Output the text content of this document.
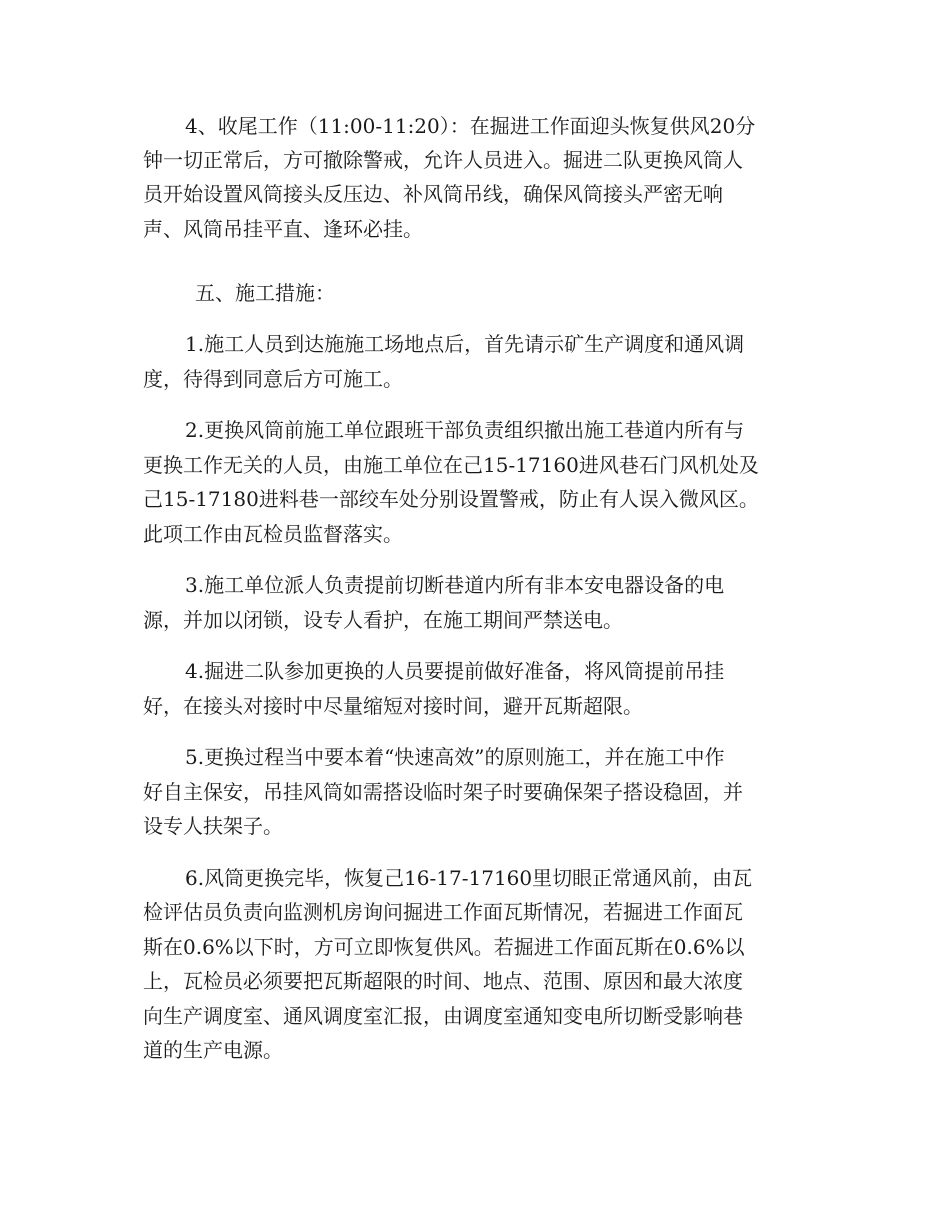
4、收尾工作（11:00-11:20）：在掘进工作面迎头恢复供风20分
钟一切正常后，方可撤除警戒，允许人员进入。掘进二队更换风筒人
员开始设置风筒接头反压边、补风筒吊线，确保风筒接头严密无响
声、风筒吊挂平直、逢环必挂。
五、施工措施：
1.施工人员到达施施工场地点后，首先请示矿生产调度和通风调
度，待得到同意后方可施工。
2.更换风筒前施工单位跟班干部负责组织撤出施工巷道内所有与
更换工作无关的人员，由施工单位在己15-17160进风巷石门风机处及
己15-17180进料巷一部绞车处分别设置警戒，防止有人误入微风区。
此项工作由瓦检员监督落实。
3.施工单位派人负责提前切断巷道内所有非本安电器设备的电
源，并加以闭锁，设专人看护，在施工期间严禁送电。
4.掘进二队参加更换的人员要提前做好准备，将风筒提前吊挂
好，在接头对接时中尽量缩短对接时间，避开瓦斯超限。
5.更换过程当中要本着“快速高效”的原则施工，并在施工中作
好自主保安，吊挂风筒如需搭设临时架子时要确保架子搭设稳固，并
设专人扶架子。
6.风筒更换完毕，恢复己16-17-17160里切眼正常通风前，由瓦
检评估员负责向监测机房询问掘进工作面瓦斯情况，若掘进工作面瓦
斯在0.6%以下时，方可立即恢复供风。若掘进工作面瓦斯在0.6%以
上，瓦检员必须要把瓦斯超限的时间、地点、范围、原因和最大浓度
向生产调度室、通风调度室汇报，由调度室通知变电所切断受影响巷
道的生产电源。
